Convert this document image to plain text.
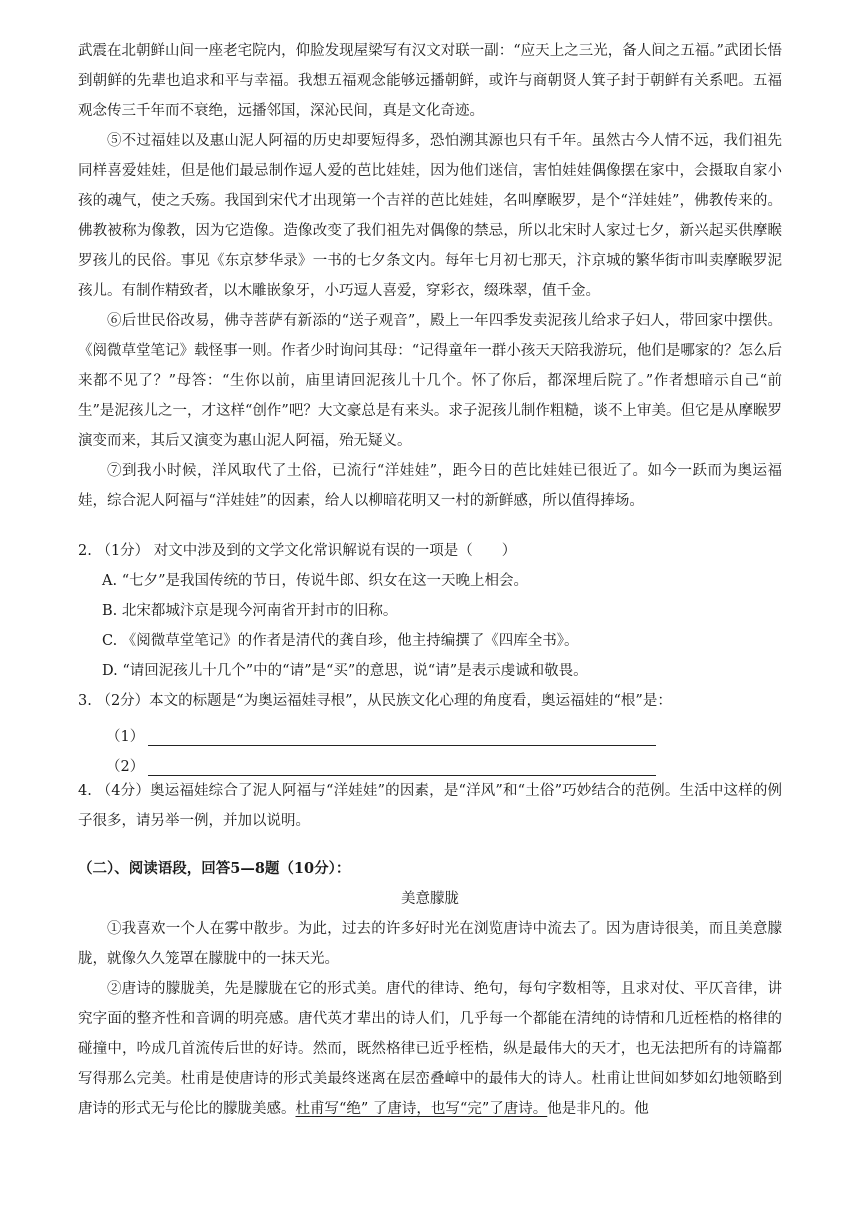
武震在北朝鲜山间一座老宅院内，仰脸发现屋梁写有汉文对联一副：“应天上之三光，备人间之五福。”武团长悟到朝鲜的先辈也追求和平与幸福。我想五福观念能够远播朝鲜，或许与商朝贤人箕子封于朝鲜有关系吧。五福观念传三千年而不衰绝，远播邻国，深沁民间，真是文化奇迹。

⑤不过福娃以及惠山泥人阿福的历史却要短得多，恐怕溯其源也只有千年。虽然古今人情不远，我们祖先同样喜爱娃娃，但是他们最忌制作逗人爱的芭比娃娃，因为他们迷信，害怕娃娃偶像摆在家中，会摄取自家小孩的魂气，使之夭殇。我国到宋代才出现第一个吉祥的芭比娃娃，名叫摩睺罗，是个“洋娃娃”，佛教传来的。佛教被称为像教，因为它造像。造像改变了我们祖先对偶像的禁忌，所以北宋时人家过七夕，新兴起买供摩睺罗孩儿的民俗。事见《东京梦华录》一书的七夕条文内。每年七月初七那天，汴京城的繁华街市叫卖摩睺罗泥孩儿。有制作精致者，以木雕嵌象牙，小巧逗人喜爱，穿彩衣，缀珠翠，值千金。

⑥后世民俗改易，佛寺菩萨有新添的“送子观音”，殿上一年四季发卖泥孩儿给求子妇人，带回家中摆供。《阅微草堂笔记》载怪事一则。作者少时询问其母：“记得童年一群小孩天天陪我游玩，他们是哪家的？怎么后来都不见了？”母答：“生你以前，庙里请回泥孩儿十几个。怀了你后，都深埋后院了。”作者想暗示自己“前生”是泥孩儿之一，才这样“创作”吧？大文豪总是有来头。求子泥孩儿制作粗糙，谈不上审美。但它是从摩睺罗演变而来，其后又演变为惠山泥人阿福，殆无疑义。

⑦到我小时候，洋风取代了土俗，已流行“洋娃娃”，距今日的芭比娃娃已很近了。如今一跃而为奥运福娃，综合泥人阿福与“洋娃娃”的因素，给人以柳暗花明又一村的新鲜感，所以值得捧场。

2. （1分） 对文中涉及到的文学文化常识解说有误的一项是（　　）

A. “七夕”是我国传统的节日，传说牛郎、织女在这一天晚上相会。

B. 北宋都城汴京是现今河南省开封市的旧称。

C. 《阅微草堂笔记》的作者是清代的龚自珍，他主持编撰了《四库全书》。

D. “请回泥孩儿十几个”中的“请”是“买”的意思，说“请”是表示虔诚和敬畏。

3. （2分）本文的标题是“为奥运福娃寻根”，从民族文化心理的角度看，奥运福娃的“根”是：

（1）
（2）

4. （4分）奥运福娃综合了泥人阿福与“洋娃娃”的因素，是“洋风”和“土俗”巧妙结合的范例。生活中这样的例子很多，请另举一例，并加以说明。

（二）、阅读语段，回答5—8题（10分）：
美意朦胧

①我喜欢一个人在雾中散步。为此，过去的许多好时光在浏览唐诗中流去了。因为唐诗很美，而且美意朦胧，就像久久笼罩在朦胧中的一抹天光。

②唐诗的朦胧美，先是朦胧在它的形式美。唐代的律诗、绝句，每句字数相等，且求对仗、平仄音律，讲究字面的整齐性和音调的明亮感。唐代英才辈出的诗人们，几乎每一个都能在清纯的诗情和几近桎梏的格律的碰撞中，吟成几首流传后世的好诗。然而，既然格律已近乎桎梏，纵是最伟大的天才，也无法把所有的诗篇都写得那么完美。杜甫是使唐诗的形式美最终迷离在层峦叠嶂中的最伟大的诗人。杜甫让世间如梦如幻地领略到唐诗的形式无与伦比的朦胧美感。杜甫写“绝” 了唐诗，也写“完”了唐诗。他是非凡的。他
